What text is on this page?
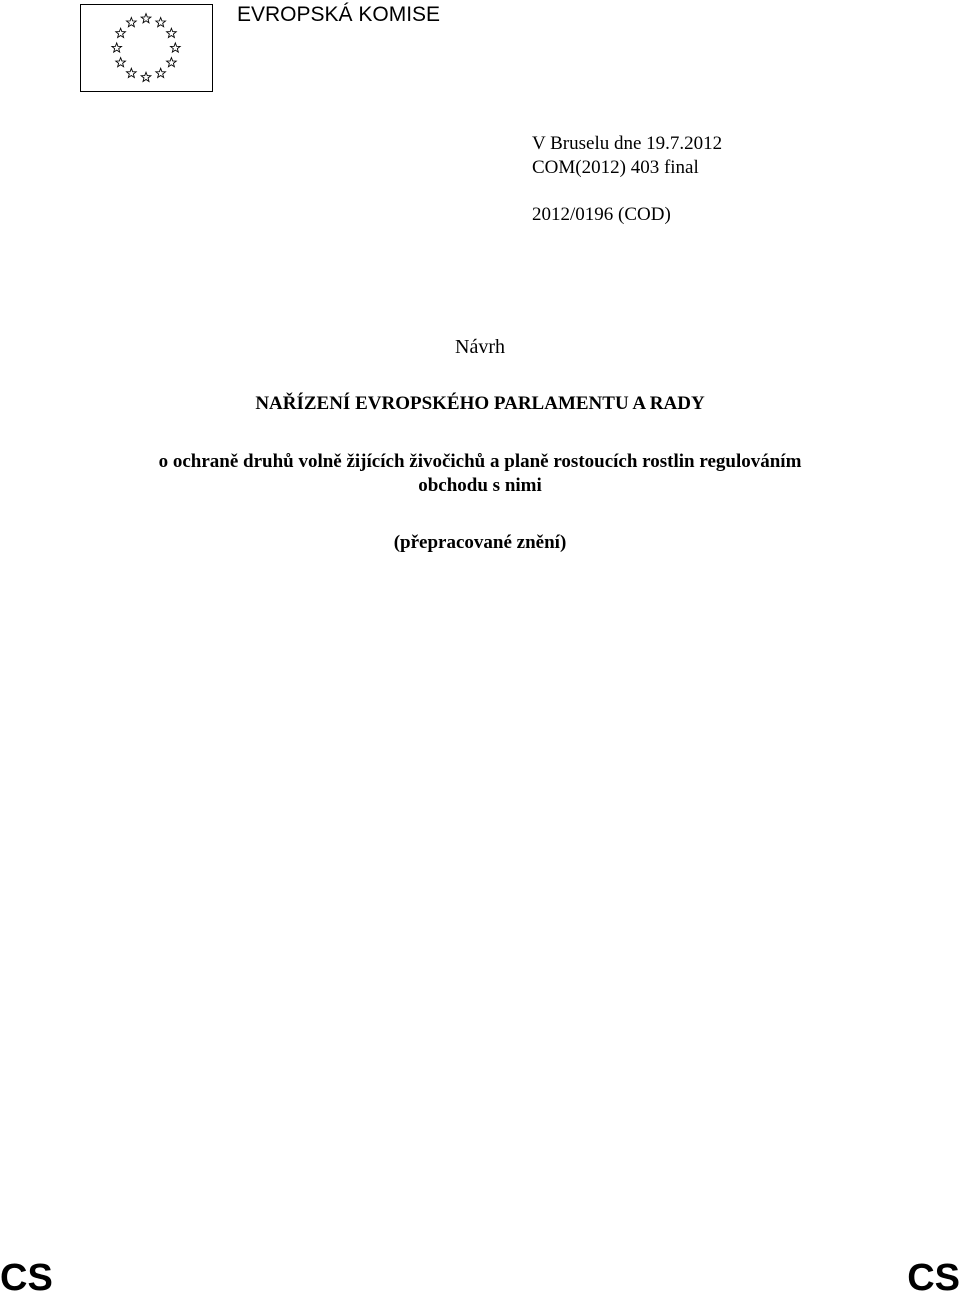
EVROPSKÁ KOMISE
V Bruselu dne 19.7.2012
COM(2012) 403 final
2012/0196 (COD)
Návrh
NAŘÍZENÍ EVROPSKÉHO PARLAMENTU A RADY
o ochraně druhů volně žijících živočichů a planě rostoucích rostlin regulováním
obchodu s nimi
(přepracované znění)
CS	CS
